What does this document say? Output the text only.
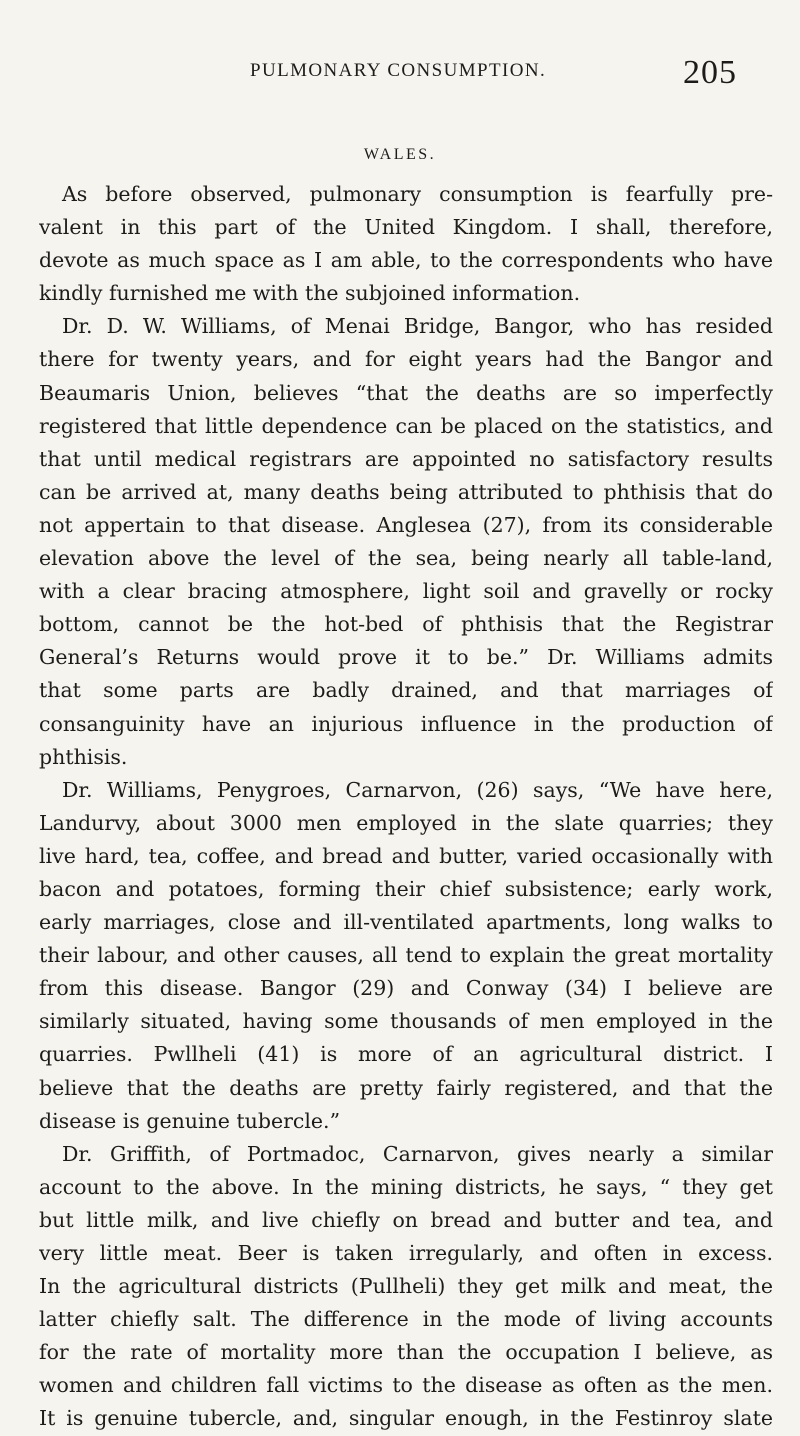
PULMONARY CONSUMPTION.	205
WALES.
As before observed, pulmonary consumption is fearfully pre-
valent in this part of the United Kingdom. I shall, therefore,
devote as much space as I am able, to the correspondents who have
kindly furnished me with the subjoined information.
Dr. D. W. Williams, of Menai Bridge, Bangor, who has resided
there for twenty years, and for eight years had the Bangor and
Beaumaris Union, believes “that the deaths are so imperfectly
registered that little dependence can be placed on the statistics, and
that until medical registrars are appointed no satisfactory results
can be arrived at, many deaths being attributed to phthisis that do
not appertain to that disease. Anglesea (27), from its considerable
elevation above the level of the sea, being nearly all table-land,
with a clear bracing atmosphere, light soil and gravelly or rocky
bottom, cannot be the hot-bed of phthisis that the Registrar
General’s Returns would prove it to be.” Dr. Williams admits
that some parts are badly drained, and that marriages of
consanguinity have an injurious influence in the production of
phthisis.
Dr. Williams, Penygroes, Carnarvon, (26) says, “We have here,
Landurvy, about 3000 men employed in the slate quarries; they
live hard, tea, coffee, and bread and butter, varied occasionally with
bacon and potatoes, forming their chief subsistence; early work,
early marriages, close and ill-ventilated apartments, long walks to
their labour, and other causes, all tend to explain the great mortality
from this disease. Bangor (29) and Conway (34) I believe are
similarly situated, having some thousands of men employed in the
quarries. Pwllheli (41) is more of an agricultural district. I
believe that the deaths are pretty fairly registered, and that the
disease is genuine tubercle.”
Dr. Griffith, of Portmadoc, Carnarvon, gives nearly a similar
account to the above. In the mining districts, he says, “ they get
but little milk, and live chiefly on bread and butter and tea, and
very little meat. Beer is taken irregularly, and often in excess.
In the agricultural districts (Pullheli) they get milk and meat, the
latter chiefly salt. The difference in the mode of living accounts
for the rate of mortality more than the occupation I believe, as
women and children fall victims to the disease as often as the men.
It is genuine tubercle, and, singular enough, in the Festinroy slate
